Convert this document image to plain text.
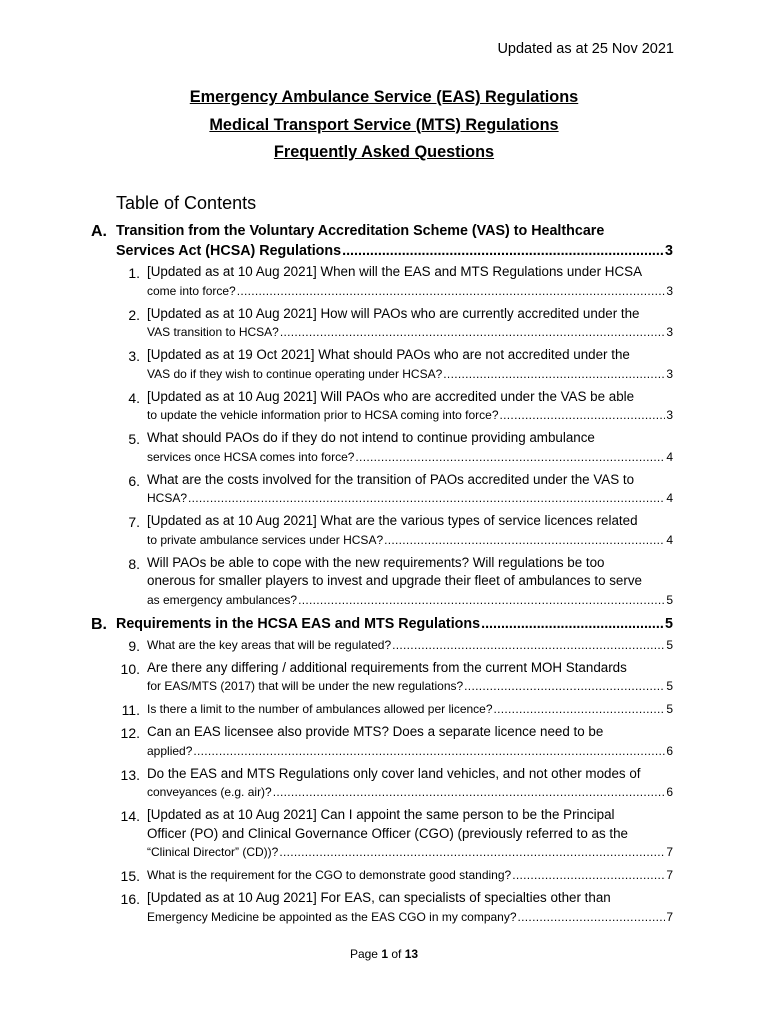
Updated as at 25 Nov 2021
Emergency Ambulance Service (EAS) Regulations
Medical Transport Service (MTS) Regulations
Frequently Asked Questions
Table of Contents
A. Transition from the Voluntary Accreditation Scheme (VAS) to Healthcare
Services Act (HCSA) Regulations .....	3
1. [Updated as at 10 Aug 2021] When will the EAS and MTS Regulations under HCSA
come into force? .....	3
2. [Updated as at 10 Aug 2021] How will PAOs who are currently accredited under the
VAS transition to HCSA? .....	3
3. [Updated as at 19 Oct 2021] What should PAOs who are not accredited under the
VAS do if they wish to continue operating under HCSA? .....	3
4. [Updated as at 10 Aug 2021] Will PAOs who are accredited under the VAS be able
to update the vehicle information prior to HCSA coming into force? .....	3
5. What should PAOs do if they do not intend to continue providing ambulance
services once HCSA comes into force? .....	4
6. What are the costs involved for the transition of PAOs accredited under the VAS to
HCSA? .....	4
7. [Updated as at 10 Aug 2021] What are the various types of service licences related
to private ambulance services under HCSA? .....	4
8. Will PAOs be able to cope with the new requirements? Will regulations be too
onerous for smaller players to invest and upgrade their fleet of ambulances to serve
as emergency ambulances? .....	5
B. Requirements in the HCSA EAS and MTS Regulations .....	5
9. What are the key areas that will be regulated? .....	5
10. Are there any differing / additional requirements from the current MOH Standards
for EAS/MTS (2017) that will be under the new regulations? .....	5
11. Is there a limit to the number of ambulances allowed per licence? .....	5
12. Can an EAS licensee also provide MTS? Does a separate licence need to be
applied? .....	6
13. Do the EAS and MTS Regulations only cover land vehicles, and not other modes of
conveyances (e.g. air)? .....	6
14. [Updated as at 10 Aug 2021] Can I appoint the same person to be the Principal
Officer (PO) and Clinical Governance Officer (CGO) (previously referred to as the
“Clinical Director” (CD))? .....	7
15. What is the requirement for the CGO to demonstrate good standing? .....	7
16. [Updated as at 10 Aug 2021] For EAS, can specialists of specialties other than
Emergency Medicine be appointed as the EAS CGO in my company? .....	7
Page 1 of 13
